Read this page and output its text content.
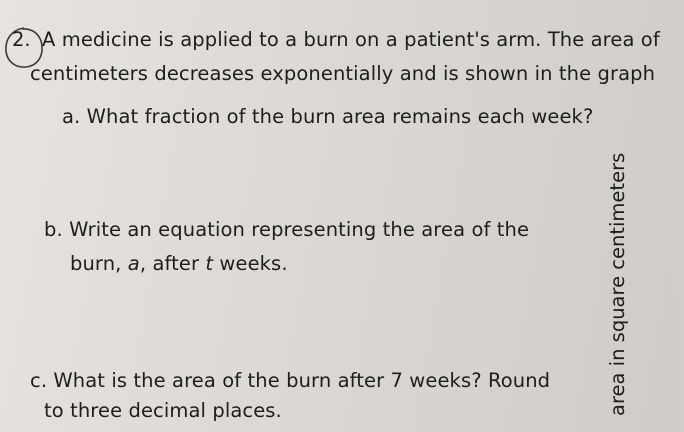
2. A medicine is applied to a burn on a patient's arm. The area of
centimeters decreases exponentially and is shown in the graph
a. What fraction of the burn area remains each week?
b. Write an equation representing the area of the
burn, a, after t weeks.
c. What is the area of the burn after 7 weeks? Round
to three decimal places.	area in square centimeters
